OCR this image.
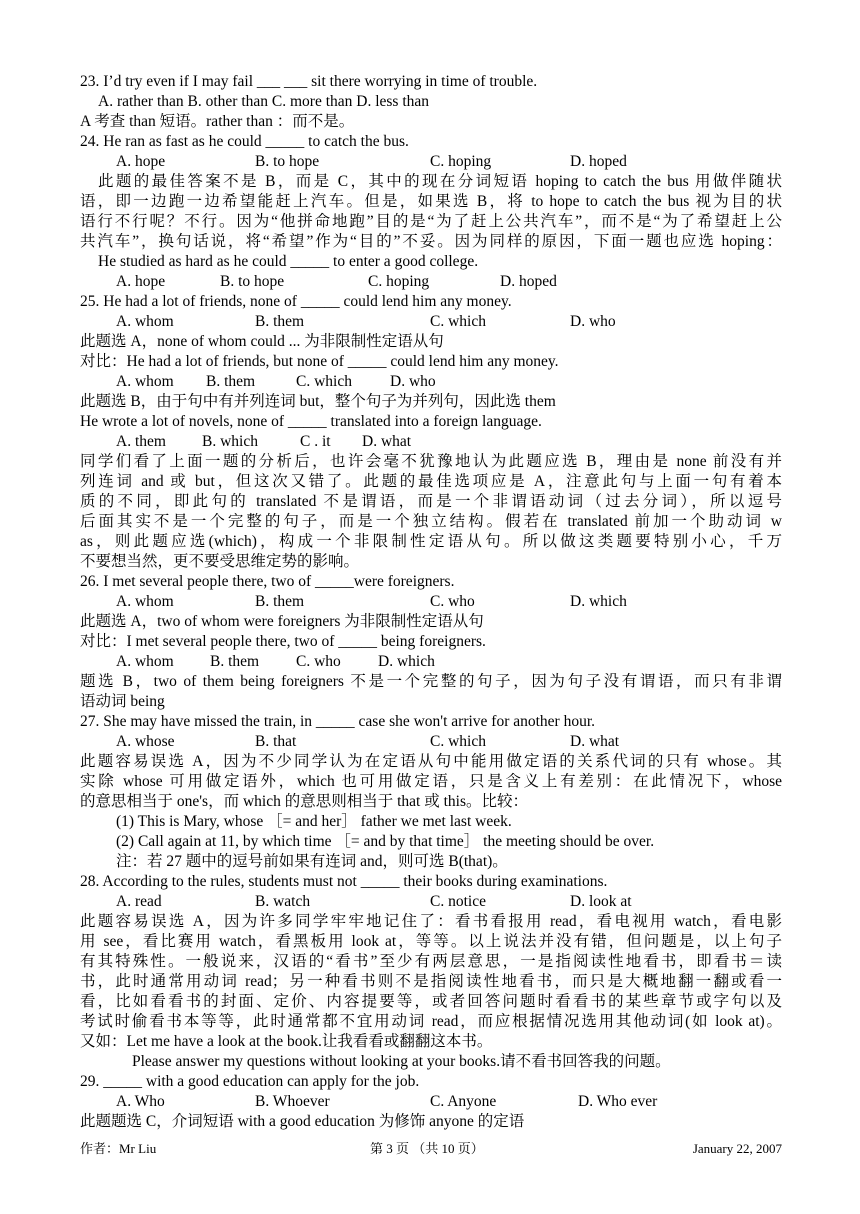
23. I’d try even if I may fail ___ ___ sit there worrying in time of trouble.
A. rather than B. other than C. more than D. less than
A 考查 than 短语。rather than ：而不是。
24. He ran as fast as he could _____ to catch the bus.
A. hope	B. to hope	C. hoping	D. hoped
此题的最佳答案不是 B，而是 C，其中的现在分词短语 hoping to catch the bus 用做伴随状
语，即一边跑一边希望能赶上汽车。但是，如果选 B，将 to hope to catch the bus 视为目的状
语行不行呢？不行。因为“他拼命地跑”目的是“为了赶上公共汽车”，而不是“为了希望赶上公
共汽车”，换句话说，将“希望”作为“目的”不妥。因为同样的原因，下面一题也应选 hoping：
He studied as hard as he could _____ to enter a good college.
A. hope	B. to hope	C. hoping	D. hoped
25. He had a lot of friends, none of _____ could lend him any money.
A. whom	B. them	C. which	D. who
此题选 A，none of whom could ... 为非限制性定语从句
对比：He had a lot of friends, but none of _____ could lend him any money.
A. whom B. them	C. which D. who
此题选 B，由于句中有并列连词 but，整个句子为并列句，因此选 them
He wrote a lot of novels, none of _____ translated into a foreign language.
A. them B. which	C . it D. what
同学们看了上面一题的分析后，也许会毫不犹豫地认为此题应选 B，理由是 none 前没有并
列连词 and 或 but，但这次又错了。此题的最佳选项应是 A，注意此句与上面一句有着本
质的不同，即此句的 translated 不是谓语，而是一个非谓语动词（过去分词），所以逗号
后面其实不是一个完整的句子，而是一个独立结构。假若在 translated 前加一个助动词 w
as，则此题应选(which)，构成一个非限制性定语从句。所以做这类题要特别小心，千万
不要想当然，更不要受思维定势的影响。
26. I met several people there, two of _____were foreigners.
A. whom	B. them	C. who	D. which
此题选 A，two of whom were foreigners 为非限制性定语从句
对比：I met several people there, two of _____ being foreigners.
A. whom B. them C. who D. which
题选 B，two of them being foreigners 不是一个完整的句子，因为句子没有谓语，而只有非谓
语动词 being
27. She may have missed the train, in _____ case she won't arrive for another hour.
A. whose	B. that	C. which	D. what
此题容易误选 A，因为不少同学认为在定语从句中能用做定语的关系代词的只有 whose。其
实除 whose 可用做定语外，which 也可用做定语，只是含义上有差别：在此情况下，whose
的意思相当于 one's，而 which 的意思则相当于 that 或 this。比较：
(1) This is Mary, whose ［= and her］ father we met last week.
(2) Call again at 11, by which time ［= and by that time］ the meeting should be over.
注：若 27 题中的逗号前如果有连词 and，则可选 B(that)。
28. According to the rules, students must not _____ their books during examinations.
A. read	B. watch	C. notice	D. look at
此题容易误选 A，因为许多同学牢牢地记住了：看书看报用 read，看电视用 watch，看电影
用 see，看比赛用 watch，看黑板用 look at，等等。以上说法并没有错，但问题是，以上句子
有其特殊性。一般说来，汉语的“看书”至少有两层意思，一是指阅读性地看书，即看书＝读
书，此时通常用动词 read；另一种看书则不是指阅读性地看书，而只是大概地翻一翻或看一
看，比如看看书的封面、定价、内容提要等，或者回答问题时看看书的某些章节或字句以及
考试时偷看书本等等，此时通常都不宜用动词 read，而应根据情况选用其他动词(如 look at)。
又如：Let me have a look at the book.让我看看或翻翻这本书。
Please answer my questions without looking at your books.请不看书回答我的问题。
29. _____ with a good education can apply for the job.
A. Who	B. Whoever	C. Anyone	D. Who ever
此题题选 C，介词短语 with a good education 为修饰 anyone 的定语
作者：Mr Liu	第 3 页 （共 10 页）	January 22, 2007
